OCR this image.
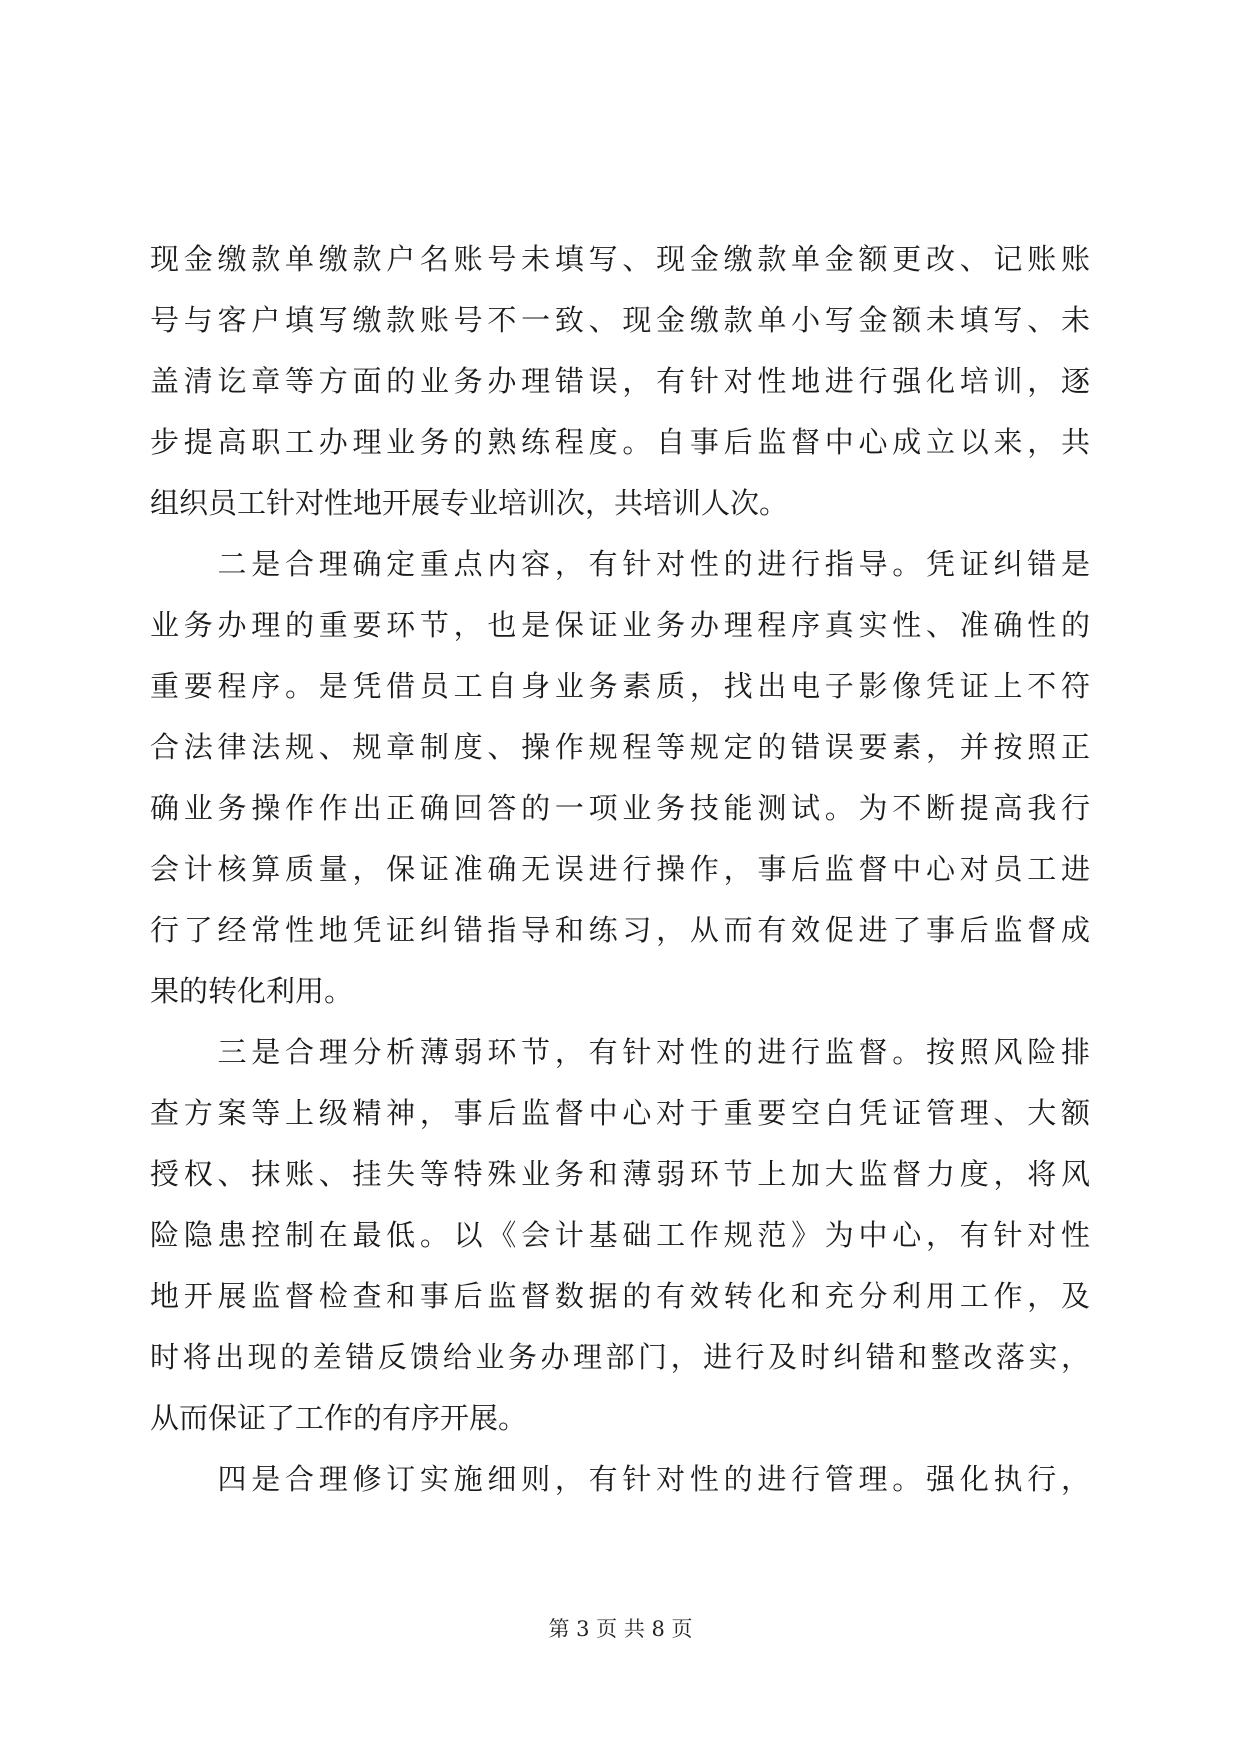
现金缴款单缴款户名账号未填写、现金缴款单金额更改、记账账
号与客户填写缴款账号不一致、现金缴款单小写金额未填写、未
盖清讫章等方面的业务办理错误，有针对性地进行强化培训，逐
步提高职工办理业务的熟练程度。自事后监督中心成立以来，共
组织员工针对性地开展专业培训次，共培训人次。
　　二是合理确定重点内容，有针对性的进行指导。凭证纠错是
业务办理的重要环节，也是保证业务办理程序真实性、准确性的
重要程序。是凭借员工自身业务素质，找出电子影像凭证上不符
合法律法规、规章制度、操作规程等规定的错误要素，并按照正
确业务操作作出正确回答的一项业务技能测试。为不断提高我行
会计核算质量，保证准确无误进行操作，事后监督中心对员工进
行了经常性地凭证纠错指导和练习，从而有效促进了事后监督成
果的转化利用。
　　三是合理分析薄弱环节，有针对性的进行监督。按照风险排
查方案等上级精神，事后监督中心对于重要空白凭证管理、大额
授权、抹账、挂失等特殊业务和薄弱环节上加大监督力度，将风
险隐患控制在最低。以《会计基础工作规范》为中心，有针对性
地开展监督检查和事后监督数据的有效转化和充分利用工作，及
时将出现的差错反馈给业务办理部门，进行及时纠错和整改落实，
从而保证了工作的有序开展。
　　四是合理修订实施细则，有针对性的进行管理。强化执行，
第 3 页 共 8 页
